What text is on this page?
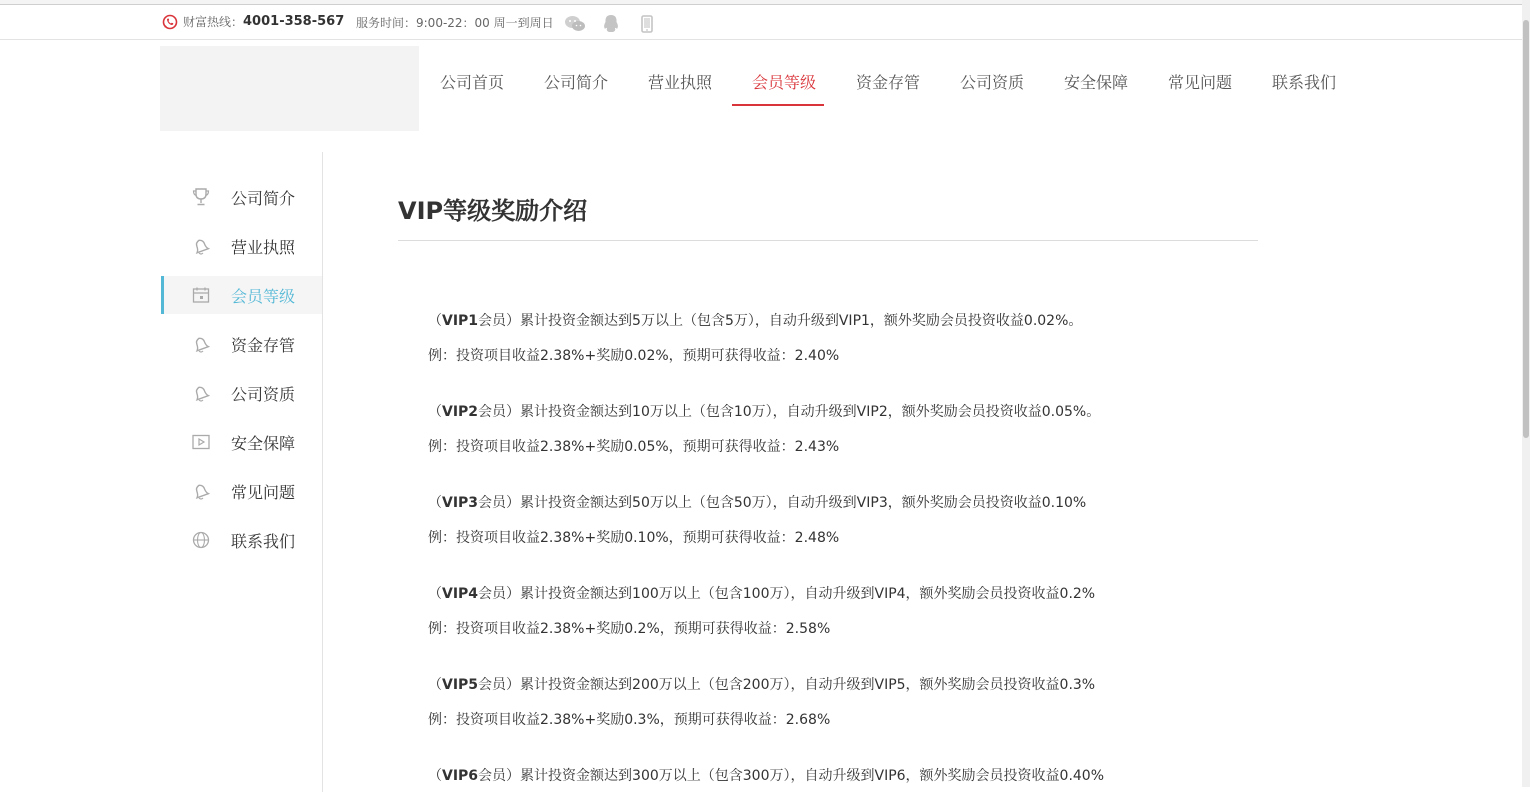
财富热线： 4001-358-567 服务时间：9:00-22：00 周一到周日
公司首页	公司简介	营业执照	会员等级	资金存管	公司资质	安全保障	常见问题	联系我们
公司简介
营业执照
会员等级
资金存管
公司资质
安全保障
常见问题
联系我们
VIP等级奖励介绍
（VIP1会员）累计投资金额达到5万以上（包含5万），自动升级到VIP1，额外奖励会员投资收益0.02%。
例：投资项目收益2.38%+奖励0.02%，预期可获得收益：2.40%
（VIP2会员）累计投资金额达到10万以上（包含10万），自动升级到VIP2，额外奖励会员投资收益0.05%。
例：投资项目收益2.38%+奖励0.05%，预期可获得收益：2.43%
（VIP3会员）累计投资金额达到50万以上（包含50万），自动升级到VIP3，额外奖励会员投资收益0.10%
例：投资项目收益2.38%+奖励0.10%，预期可获得收益：2.48%
（VIP4会员）累计投资金额达到100万以上（包含100万），自动升级到VIP4，额外奖励会员投资收益0.2%
例：投资项目收益2.38%+奖励0.2%，预期可获得收益：2.58%
（VIP5会员）累计投资金额达到200万以上（包含200万），自动升级到VIP5，额外奖励会员投资收益0.3%
例：投资项目收益2.38%+奖励0.3%，预期可获得收益：2.68%
（VIP6会员）累计投资金额达到300万以上（包含300万），自动升级到VIP6，额外奖励会员投资收益0.40%
